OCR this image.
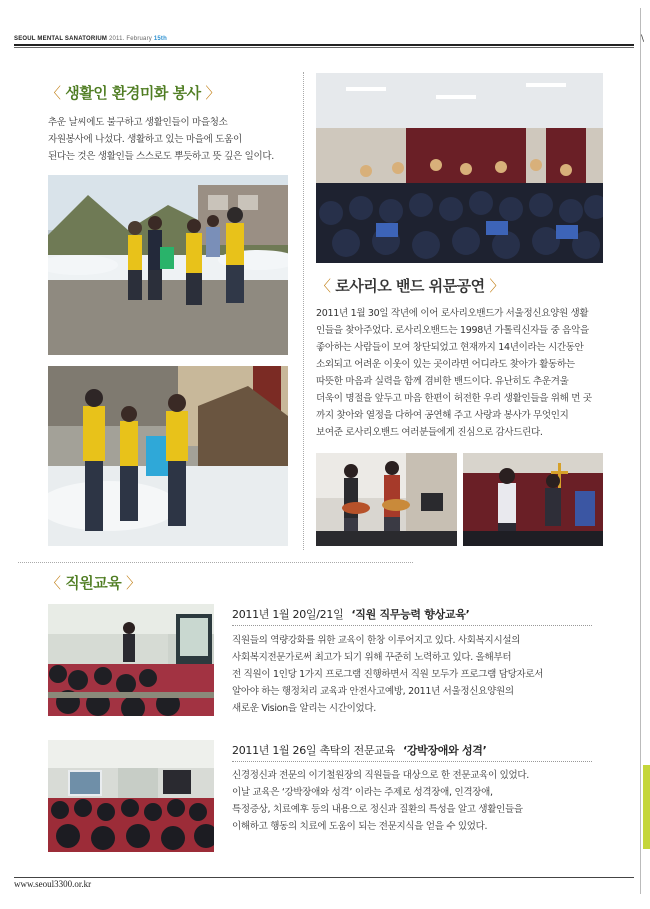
SEOUL MENTAL SANATORIUM 2011. February 15th	\
〈 생활인 환경미화 봉사 〉
추운 날씨에도 불구하고 생활인들이 마을청소
자원봉사에 나섰다. 생활하고 있는 마을에 도움이
된다는 것은 생활인들 스스로도 뿌듯하고 뜻 깊은 일이다.
〈 로사리오 밴드 위문공연 〉
2011년 1월 30일 작년에 이어 로사리오밴드가 서울정신요양원 생활
인들을 찾아주었다. 로사리오밴드는 1998년 가톨릭신자들 중 음악을
좋아하는 사람들이 모여 창단되었고 현재까지 14년이라는 시간동안
소외되고 어려운 이웃이 있는 곳이라면 어디라도 찾아가 활동하는
따뜻한 마음과 실력을 함께 겸비한 밴드이다. 유난히도 추운겨울
더욱이 명절을 앞두고 마음 한편이 허전한 우리 생활인들을 위해 먼 곳
까지 찾아와 열정을 다하여 공연해 주고 사랑과 봉사가 무엇인지
보여준 로사리오밴드 여러분들에게 진심으로 감사드린다.
〈 직원교육 〉
2011년 1월 20일/21일 ‘직원 직무능력 향상교육’
직원들의 역량강화를 위한 교육이 한창 이루어지고 있다. 사회복지시설의
사회복지전문가로써 최고가 되기 위해 꾸준히 노력하고 있다. 올해부터
전 직원이 1인당 1가지 프로그램 진행하면서 직원 모두가 프로그램 담당자로서
알아야 하는 행정처리 교육과 안전사고예방, 2011년 서울정신요양원의
새로운 Vision을 알리는 시간이었다.
2011년 1월 26일 촉탁의 전문교육 ‘강박장애와 성격’
신경정신과 전문의 이기철원장의 직원들을 대상으로 한 전문교육이 있었다.
이날 교육은 ‘강박장애와 성격’ 이라는 주제로 성격장애, 인격장애,
특정증상, 치료예후 등의 내용으로 정신과 질환의 특성을 알고 생활인들을
이해하고 행동의 치료에 도움이 되는 전문지식을 얻을 수 있었다.
www.seoul3300.or.kr
